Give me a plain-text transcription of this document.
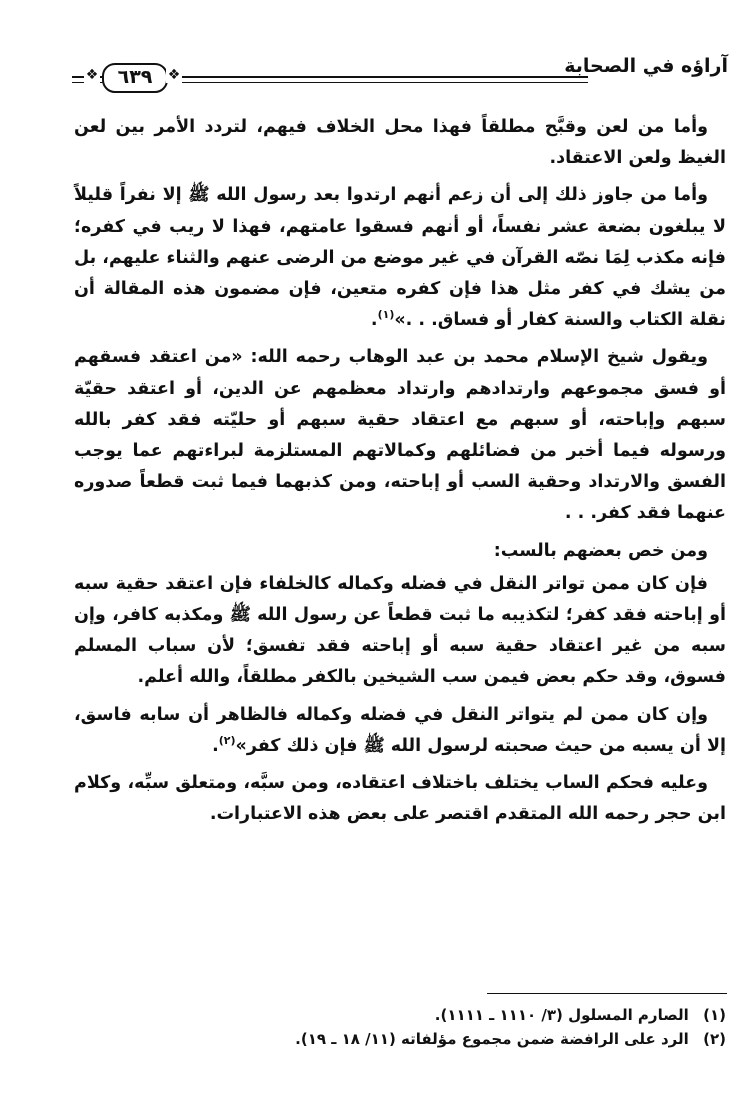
آراؤه في الصحابة
❖	٦٣٩	❖

وأما من لعن وقبَّح مطلقاً فهذا محل الخلاف فيهم، لتردد الأمر بين لعن الغيظ ولعن الاعتقاد.

وأما من جاوز ذلك إلى أن زعم أنهم ارتدوا بعد رسول الله ﷺ إلا نفراً قليلاً لا يبلغون بضعة عشر نفساً، أو أنهم فسقوا عامتهم، فهذا لا ريب في كفره؛ فإنه مكذب لِمَا نصّه القرآن في غير موضع من الرضى عنهم والثناء عليهم، بل من يشك في كفر مثل هذا فإن كفره متعين، فإن مضمون هذه المقالة أن نقلة الكتاب والسنة كفار أو فساق. . .»$^{(١)}$.

ويقول شيخ الإسلام محمد بن عبد الوهاب رحمه الله: «من اعتقد فسقهم أو فسق مجموعهم وارتدادهم وارتداد معظمهم عن الدين، أو اعتقد حقيّة سبهم وإباحته، أو سبهم مع اعتقاد حقية سبهم أو حليّته فقد كفر بالله ورسوله فيما أخبر من فضائلهم وكمالاتهم المستلزمة لبراءتهم عما يوجب الفسق والارتداد وحقية السب أو إباحته، ومن كذبهما فيما ثبت قطعاً صدوره عنهما فقد كفر. . .

ومن خص بعضهم بالسب:

فإن كان ممن تواتر النقل في فضله وكماله كالخلفاء فإن اعتقد حقية سبه أو إباحته فقد كفر؛ لتكذيبه ما ثبت قطعاً عن رسول الله ﷺ ومكذبه كافر، وإن سبه من غير اعتقاد حقية سبه أو إباحته فقد تفسق؛ لأن سباب المسلم فسوق، وقد حكم بعض فيمن سب الشيخين بالكفر مطلقاً، والله أعلم.

وإن كان ممن لم يتواتر النقل في فضله وكماله فالظاهر أن سابه فاسق، إلا أن يسبه من حيث صحبته لرسول الله ﷺ فإن ذلك كفر»$^{(٢)}$.

وعليه فحكم الساب يختلف باختلاف اعتقاده، ومن سبَّه، ومتعلق سبِّه، وكلام ابن حجر رحمه الله المتقدم اقتصر على بعض هذه الاعتبارات.

(١) الصارم المسلول (٣/ ١١١٠ ـ ١١١١).
(٢) الرد على الرافضة ضمن مجموع مؤلفاته (١١/ ١٨ ـ ١٩).
